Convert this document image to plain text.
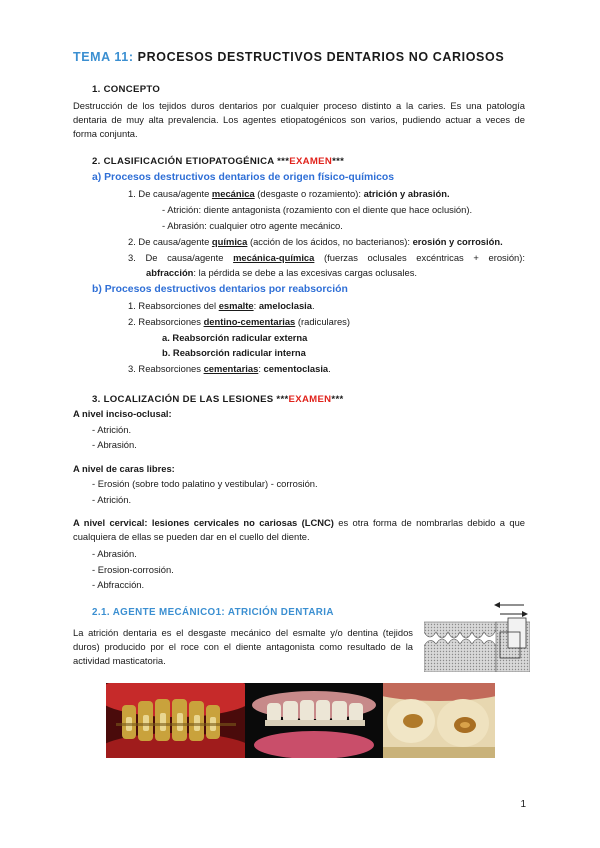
TEMA 11: PROCESOS DESTRUCTIVOS DENTARIOS NO CARIOSOS
1. CONCEPTO
Destrucción de los tejidos duros dentarios por cualquier proceso distinto a la caries. Es una patología dentaria de muy alta prevalencia. Los agentes etiopatogénicos son varios, pudiendo actuar a veces de forma conjunta.
2. CLASIFICACIÓN ETIOPATOGÉNICA ***EXAMEN***
a) Procesos destructivos dentarios de origen físico-químicos
1. De causa/agente mecánica (desgaste o rozamiento): atrición y abrasión.
- Atrición: diente antagonista (rozamiento con el diente que hace oclusión).
- Abrasión: cualquier otro agente mecánico.
2. De causa/agente química (acción de los ácidos, no bacterianos): erosión y corrosión.
3. De causa/agente mecánica-química (fuerzas oclusales excéntricas + erosión):
abfracción: la pérdida se debe a las excesivas cargas oclusales.
b) Procesos destructivos dentarios por reabsorción
1. Reabsorciones del esmalte: ameloclasia.
2. Reabsorciones dentino-cementarias (radiculares)
a. Reabsorción radicular externa
b. Reabsorción radicular interna
3. Reabsorciones cementarias: cementoclasia.
3. LOCALIZACIÓN DE LAS LESIONES ***EXAMEN***
A nivel inciso-oclusal:
- Atrición.
- Abrasión.
A nivel de caras libres:
- Erosión (sobre todo palatino y vestibular) - corrosión.
- Atrición.
A nivel cervical: lesiones cervicales no cariosas (LCNC) es otra forma de nombrarlas debido a que cualquiera de ellas se pueden dar en el cuello del diente.
- Abrasión.
- Erosion-corrosión.
- Abfracción.
2.1. AGENTE MECÁNICO1: ATRICIÓN DENTARIA
La atrición dentaria es el desgaste mecánico del esmalte y/o dentina (tejidos duros) producido por el roce con el diente antagonista como resultado de la actividad masticatoria.
1
